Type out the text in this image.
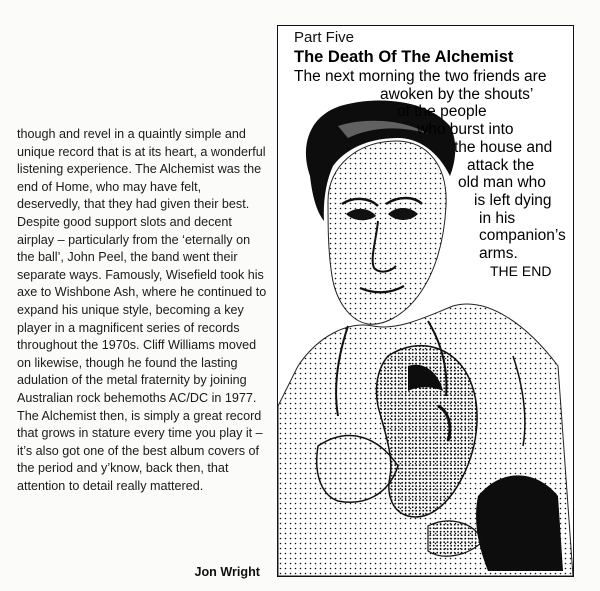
though and revel in a quaintly simple and unique record that is at its heart, a wonderful listening experience. The Alchemist was the end of Home, who may have felt, deservedly, that they had given their best. Despite good support slots and decent airplay – particularly from the ‘eternally on the ball’, John Peel, the band went their separate ways. Famously, Wisefield took his axe to Wishbone Ash, where he continued to expand his unique style, becoming a key player in a magnificent series of records throughout the 1970s. Cliff Williams moved on likewise, though he found the lasting adulation of the metal fraternity by joining Australian rock behemoths AC/DC in 1977. The Alchemist then, is simply a great record that grows in stature every time you play it –it’s also got one of the best album covers of the period and y’know, back then, that attention to detail really mattered.

Jon Wright
Part Five
The Death Of The Alchemist
The next morning the two friends are
awoken by the shouts’
of the people
who burst into
the house and
attack the
old man who
is left dying
in his
companion’s
arms.
THE END
